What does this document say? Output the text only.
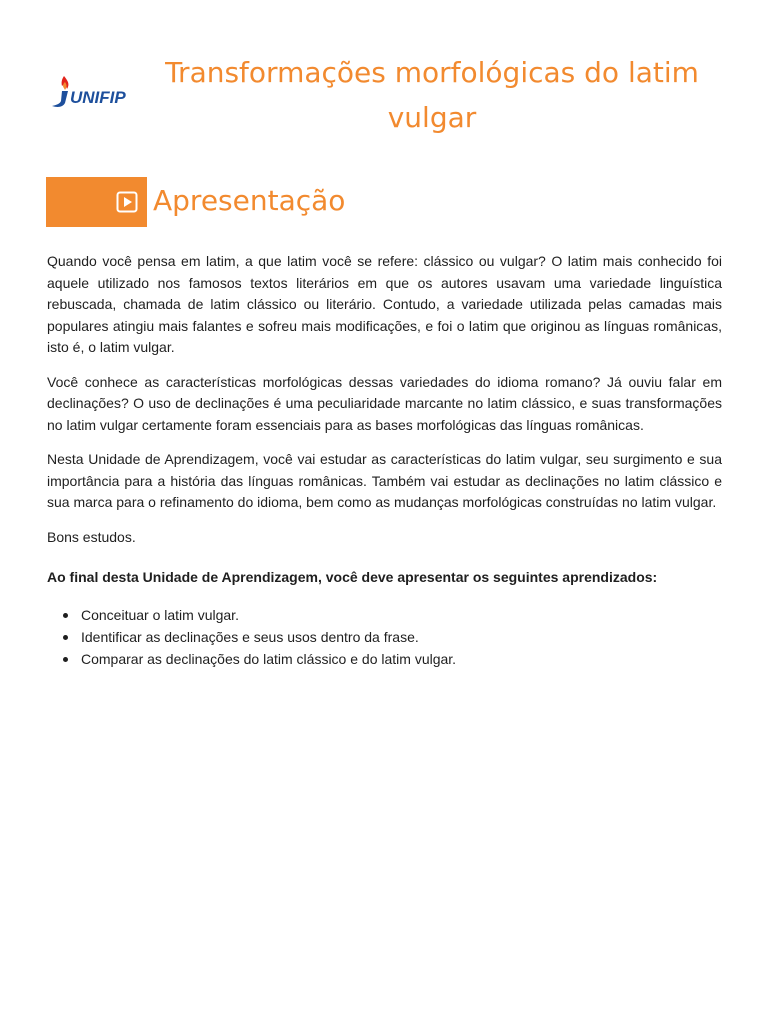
UNIFIP
Transformações morfológicas do latim vulgar
Apresentação

Quando você pensa em latim, a que latim você se refere: clássico ou vulgar? O latim mais conhecido foi aquele utilizado nos famosos textos literários em que os autores usavam uma variedade linguística rebuscada, chamada de latim clássico ou literário. Contudo, a variedade utilizada pelas camadas mais populares atingiu mais falantes e sofreu mais modificações, e foi o latim que originou as línguas românicas, isto é, o latim vulgar.

Você conhece as características morfológicas dessas variedades do idioma romano? Já ouviu falar em declinações? O uso de declinações é uma peculiaridade marcante no latim clássico, e suas transformações no latim vulgar certamente foram essenciais para as bases morfológicas das línguas românicas.

Nesta Unidade de Aprendizagem, você vai estudar as características do latim vulgar, seu surgimento e sua importância para a história das línguas românicas. Também vai estudar as declinações no latim clássico e sua marca para o refinamento do idioma, bem como as mudanças morfológicas construídas no latim vulgar.

Bons estudos.

Ao final desta Unidade de Aprendizagem, você deve apresentar os seguintes aprendizados:

Conceituar o latim vulgar.
Identificar as declinações e seus usos dentro da frase.
Comparar as declinações do latim clássico e do latim vulgar.
